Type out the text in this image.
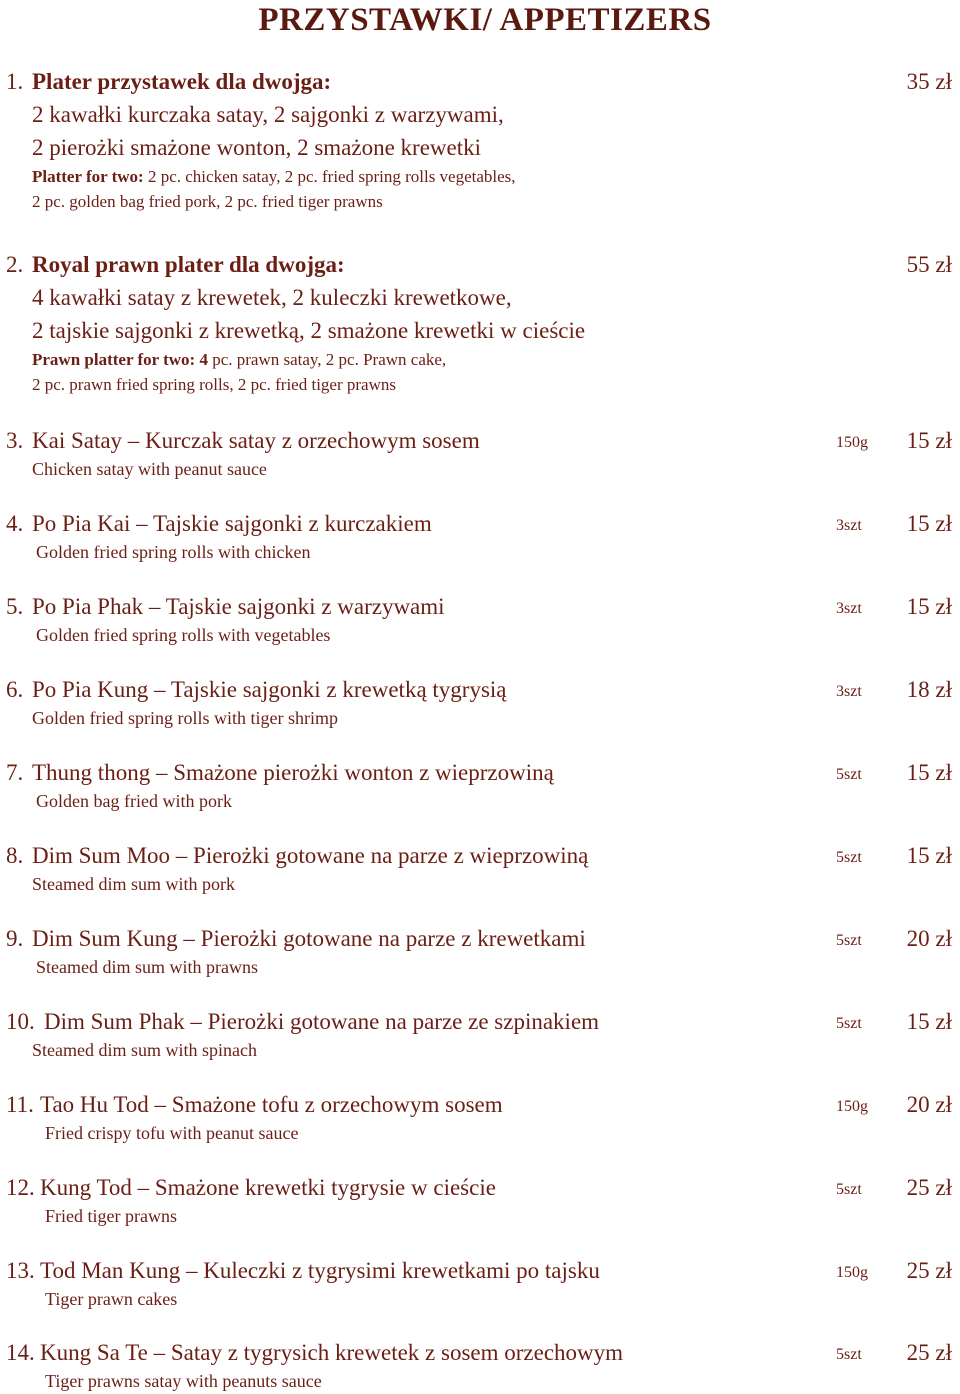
PRZYSTAWKI/ APPETIZERS
1. Plater przystawek dla dwojga:	35 zł
2 kawałki kurczaka satay, 2 sajgonki z warzywami,
2 pierożki smażone wonton, 2 smażone krewetki
Platter for two: 2 pc. chicken satay, 2 pc. fried spring rolls vegetables,
2 pc. golden bag fried pork, 2 pc. fried tiger prawns
2. Royal prawn plater dla dwojga:	55 zł
4 kawałki satay z krewetek, 2 kuleczki krewetkowe,
2 tajskie sajgonki z krewetką, 2 smażone krewetki w cieście
Prawn platter for two: 4 pc. prawn satay, 2 pc. Prawn cake,
2 pc. prawn fried spring rolls, 2 pc. fried tiger prawns
3. Kai Satay – Kurczak satay z orzechowym sosem	150g 15 zł
Chicken satay with peanut sauce
4. Po Pia Kai – Tajskie sajgonki z kurczakiem	3szt 15 zł
Golden fried spring rolls with chicken
5. Po Pia Phak – Tajskie sajgonki z warzywami	3szt 15 zł
Golden fried spring rolls with vegetables
6. Po Pia Kung – Tajskie sajgonki z krewetką tygrysią	3szt 18 zł
Golden fried spring rolls with tiger shrimp
7. Thung thong – Smażone pierożki wonton z wieprzowiną	5szt 15 zł
Golden bag fried with pork
8. Dim Sum Moo – Pierożki gotowane na parze z wieprzowiną	5szt 15 zł
Steamed dim sum with pork
9. Dim Sum Kung – Pierożki gotowane na parze z krewetkami	5szt 20 zł
Steamed dim sum with prawns
10. Dim Sum Phak – Pierożki gotowane na parze ze szpinakiem	5szt 15 zł
Steamed dim sum with spinach
11. Tao Hu Tod – Smażone tofu z orzechowym sosem	150g 20 zł
Fried crispy tofu with peanut sauce
12. Kung Tod – Smażone krewetki tygrysie w cieście	5szt 25 zł
Fried tiger prawns
13. Tod Man Kung – Kuleczki z tygrysimi krewetkami po tajsku	150g 25 zł
Tiger prawn cakes
14. Kung Sa Te – Satay z tygrysich krewetek z sosem orzechowym	5szt 25 zł
Tiger prawns satay with peanuts sauce
